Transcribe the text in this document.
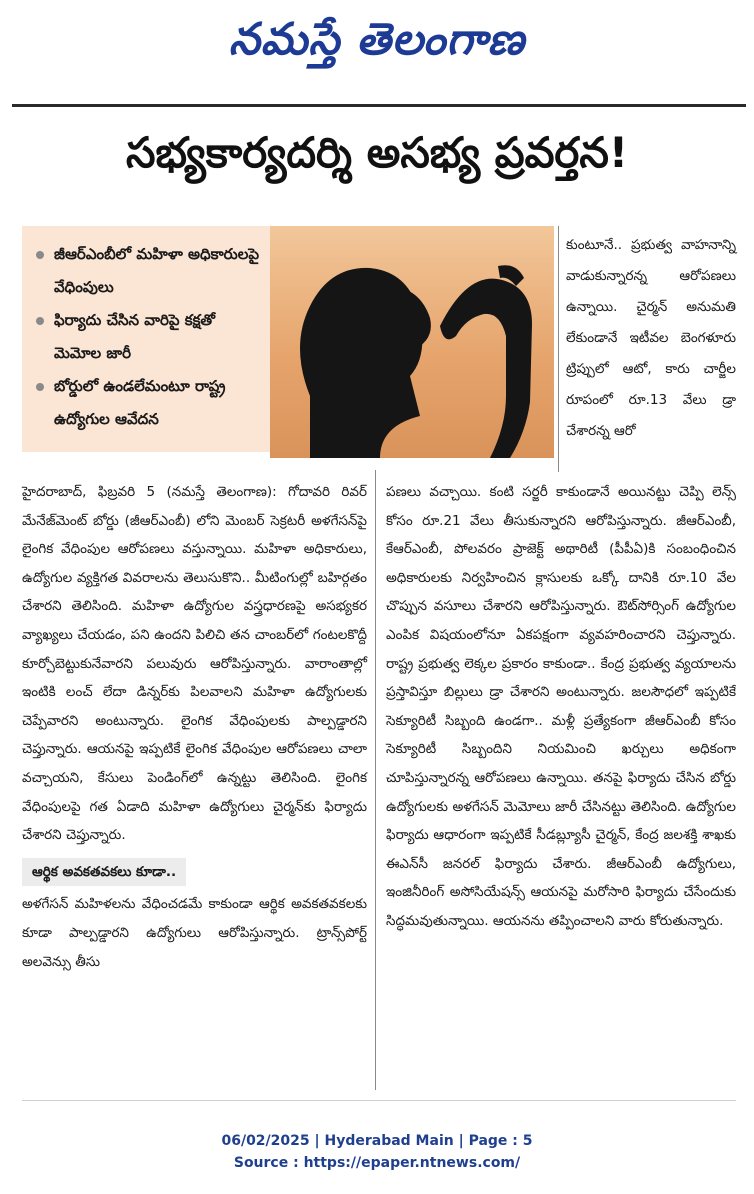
నమస్తే తెలంగాణ
సభ్యకార్యదర్శి అసభ్య ప్రవర్తన!
జీఆర్ఎంబీలో మహిళా అధికారులపై వేధింపులు
ఫిర్యాదు చేసిన వారిపై కక్షతో మెమోల జారీ
బోర్డులో ఉండలేమంటూ రాష్ట్ర ఉద్యోగుల ఆవేదన
కుంటూనే.. ప్రభుత్వ వాహనాన్ని వాడుకున్నారన్న ఆరోపణలు ఉన్నాయి. చైర్మన్ అనుమతి లేకుండానే ఇటీవల బెంగళూరు ట్రిప్పులో ఆటో, కారు చార్జీల రూపంలో రూ.13 వేలు డ్రా చేశారన్న ఆరో

హైదరాబాద్, ఫిబ్రవరి 5 (నమస్తే తెలంగాణ): గోదావరి రివర్ మేనేజ్‌మెంట్ బోర్డు (జీఆర్ఎంబీ) లోని మెంబర్ సెక్రటరీ అళగేసన్‌పై లైంగిక వేధింపుల ఆరోపణలు వస్తున్నాయి. మహిళా అధికారులు, ఉద్యోగుల వ్యక్తిగత వివరాలను తెలుసుకొని.. మీటింగుల్లో బహిర్గతం చేశారని తెలిసింది. మహిళా ఉద్యోగుల వస్త్రధారణపై అసభ్యకర వ్యాఖ్యలు చేయడం, పని ఉందని పిలిచి తన చాంబర్‌లో గంటలకొద్దీ కూర్చోబెట్టుకునేవారని పలువురు ఆరోపిస్తున్నారు. వారాంతాల్లో ఇంటికి లంచ్ లేదా డిన్నర్‌కు పిలవాలని మహిళా ఉద్యోగులకు చెప్పేవారని అంటున్నారు. లైంగిక వేధింపులకు పాల్పడ్డారని చెప్తున్నారు. ఆయనపై ఇప్పటికే లైంగిక వేధింపుల ఆరోపణలు చాలా వచ్చాయని, కేసులు పెండింగ్‌లో ఉన్నట్టు తెలిసింది. లైంగిక వేధింపులపై గత ఏడాది మహిళా ఉద్యోగులు చైర్మన్‌కు ఫిర్యాదు చేశారని చెప్తున్నారు.

ఆర్థిక అవకతవకలు కూడా..

అళగేసన్ మహిళలను వేధించడమే కాకుండా ఆర్థిక అవకతవకలకు కూడా పాల్పడ్డారని ఉద్యోగులు ఆరోపిస్తున్నారు. ట్రాన్స్‌పోర్ట్ అలవెన్సు తీసు

పణలు వచ్చాయి. కంటి సర్జరీ కాకుండానే అయినట్టు చెప్పి లెన్స్ కోసం రూ.21 వేలు తీసుకున్నారని ఆరోపిస్తున్నారు. జీఆర్ఎంబీ, కేఆర్ఎంబీ, పోలవరం ప్రాజెక్ట్ అథారిటీ (పీపీఏ)కి సంబంధించిన అధికారులకు నిర్వహించిన క్లాసులకు ఒక్కో దానికి రూ.10 వేల చొప్పున వసూలు చేశారని ఆరోపిస్తున్నారు. ఔట్‌సోర్సింగ్ ఉద్యోగుల ఎంపిక విషయంలోనూ ఏకపక్షంగా వ్యవహరించారని చెప్తున్నారు. రాష్ట్ర ప్రభుత్వ లెక్కల ప్రకారం కాకుండా.. కేంద్ర ప్రభుత్వ వ్యయాలను ప్రస్తావిస్తూ బిల్లులు డ్రా చేశారని అంటున్నారు. జలసౌధలో ఇప్పటికే సెక్యూరిటీ సిబ్బంది ఉండగా.. మళ్లీ ప్రత్యేకంగా జీఆర్ఎంబీ కోసం సెక్యూరిటీ సిబ్బందిని నియమించి ఖర్చులు అధికంగా చూపిస్తున్నారన్న ఆరోపణలు ఉన్నాయి. తనపై ఫిర్యాదు చేసిన బోర్డు ఉద్యోగులకు అళగేసన్ మెమోలు జారీ చేసినట్టు తెలిసింది. ఉద్యోగుల ఫిర్యాదు ఆధారంగా ఇప్పటికే సీడబ్ల్యూసీ చైర్మన్, కేంద్ర జలశక్తి శాఖకు ఈఎన్‌సీ జనరల్ ఫిర్యాదు చేశారు. జీఆర్ఎంబీ ఉద్యోగులు, ఇంజినీరింగ్ అసోసియేషన్స్ ఆయనపై మరోసారి ఫిర్యాదు చేసేందుకు సిద్ధమవుతున్నాయి. ఆయనను తప్పించాలని వారు కోరుతున్నారు.

06/02/2025 | Hyderabad Main | Page : 5
Source : https://epaper.ntnews.com/
